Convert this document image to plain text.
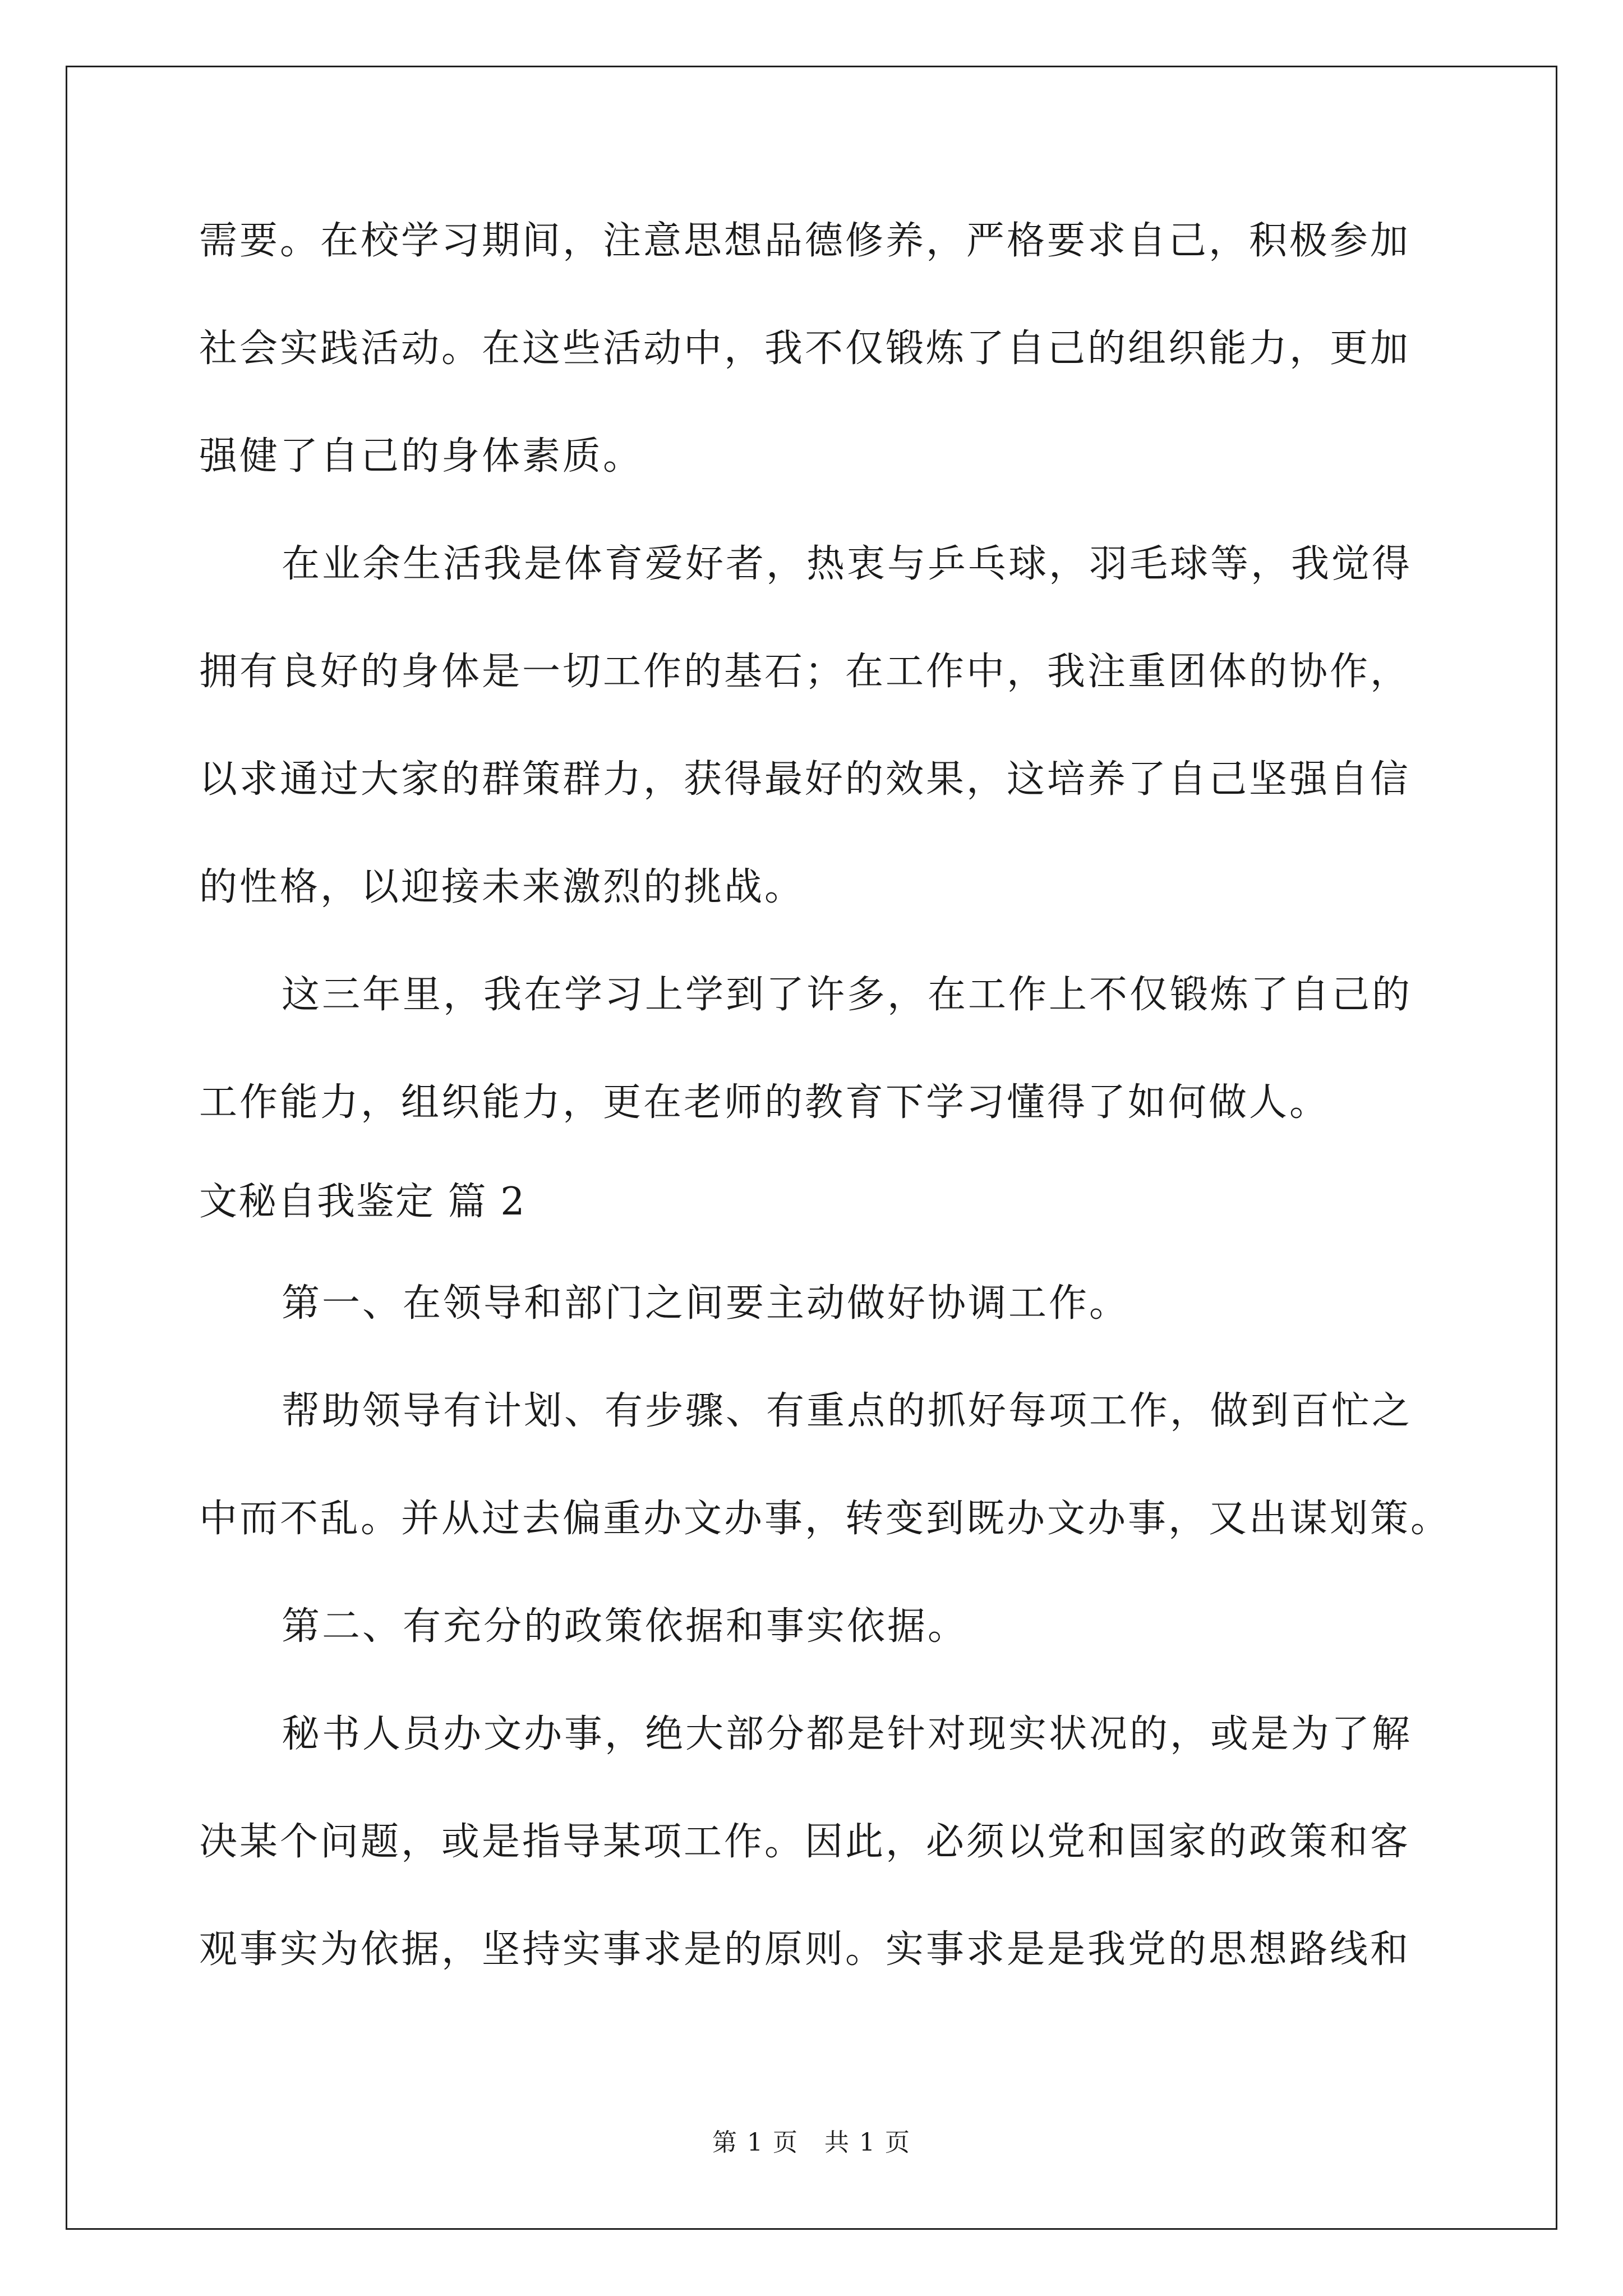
需要。在校学习期间，注意思想品德修养，严格要求自己，积极参加
社会实践活动。在这些活动中，我不仅锻炼了自己的组织能力，更加
强健了自己的身体素质。
在业余生活我是体育爱好者，热衷与乒乓球，羽毛球等，我觉得
拥有良好的身体是一切工作的基石；在工作中，我注重团体的协作，
以求通过大家的群策群力，获得最好的效果，这培养了自己坚强自信
的性格，以迎接未来激烈的挑战。
这三年里，我在学习上学到了许多，在工作上不仅锻炼了自己的
工作能力，组织能力，更在老师的教育下学习懂得了如何做人。
文秘自我鉴定 篇 2
第一、在领导和部门之间要主动做好协调工作。
帮助领导有计划、有步骤、有重点的抓好每项工作，做到百忙之
中而不乱。并从过去偏重办文办事，转变到既办文办事，又出谋划策。
第二、有充分的政策依据和事实依据。
秘书人员办文办事，绝大部分都是针对现实状况的，或是为了解
决某个问题，或是指导某项工作。因此，必须以党和国家的政策和客
观事实为依据，坚持实事求是的原则。实事求是是我党的思想路线和
第 1 页　共 1 页
